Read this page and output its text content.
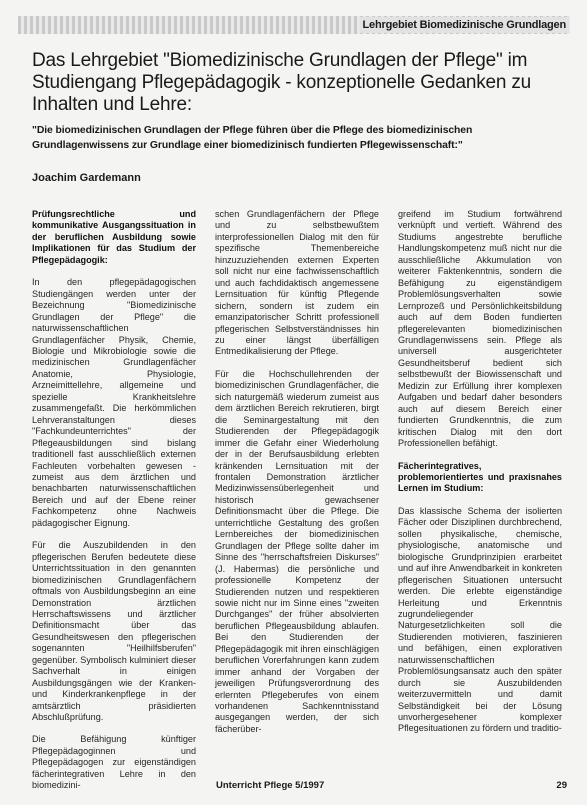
Lehrgebiet Biomedizinische Grundlagen
Das Lehrgebiet "Biomedizinische Grundlagen der Pflege" im Studiengang Pflegepädagogik - konzeptionelle Gedanken zu Inhalten und Lehre:
"Die biomedizinischen Grundlagen der Pflege führen über die Pflege des biomedizinischen Grundlagenwissens zur Grundlage einer biomedizinisch fundierten Pflegewissenschaft:"
Joachim Gardemann

Prüfungsrechtliche und kommunikative Ausgangssituation in der beruflichen Ausbildung sowie Implikationen für das Studium der Pflegepädagogik:

In den pflegepädagogischen Studiengängen werden unter der Bezeichnung "Biomedizinische Grundlagen der Pflege" die naturwissenschaftlichen Grundlagenfächer Physik, Chemie, Biologie und Mikrobiologie sowie die medizinischen Grundlagenfächer Anatomie, Physiologie, Arzneimittellehre, allgemeine und spezielle Krankheitslehre zusammengefaßt. Die herkömmlichen Lehrveranstaltungen dieses "Fachkundeunterrichtes" der Pflegeausbildungen sind bislang traditionell fast ausschließlich externen Fachleuten vorbehalten gewesen - zumeist aus dem ärztlichen und benachbarten naturwissenschaftlichen Bereich und auf der Ebene reiner Fachkompetenz ohne Nachweis pädagogischer Eignung.

Für die Auszubildenden in den pflegerischen Berufen bedeutete diese Unterrichtssituation in den genannten biomedizinischen Grundlagenfächern oftmals von Ausbildungsbeginn an eine Demonstration ärztlichen Herrschaftswissens und ärztlicher Definitionsmacht über das Gesundheitswesen den pflegerischen sogenannten "Heilhilfsberufen" gegenüber. Symbolisch kulminiert dieser Sachverhalt in einigen Ausbildungsgängen wie der Kranken- und Kinderkrankenpflege in der amtsärztlich präsidierten Abschlußprüfung.

Die Befähigung künftiger Pflegepädagoginnen und Pflegepädagogen zur eigenständigen fächerintegrativen Lehre in den biomedizini-

schen Grundlagenfächern der Pflege und zu selbstbewußtem interprofessionellen Dialog mit den für spezifische Themenbereiche hinzuzuziehenden externen Experten soll nicht nur eine fachwissenschaftlich und auch fachdidaktisch angemessene Lernsituation für künftig Pflegende sichern, sondern ist zudem ein emanzipatorischer Schritt professionell pflegerischen Selbstverständnisses hin zu einer längst überfälligen Entmedikalisierung der Pflege.

Für die Hochschullehrenden der biomedizinischen Grundlagenfächer, die sich naturgemäß wiederum zumeist aus dem ärztlichen Bereich rekrutieren, birgt die Seminargestaltung mit den Studierenden der Pflegepädagogik immer die Gefahr einer Wiederholung der in der Berufsausbildung erlebten kränkenden Lernsituation mit der frontalen Demonstration ärztlicher Medizinwissensüberlegenheit und historisch gewachsener Definitionsmacht über die Pflege. Die unterrichtliche Gestaltung des großen Lernbereiches der biomedizinischen Grundlagen der Pflege sollte daher im Sinne des "herrschaftsfreien Diskurses" (J. Habermas) die persönliche und professionelle Kompetenz der Studierenden nutzen und respektieren sowie nicht nur im Sinne eines "zweiten Durchganges" der früher absolvierten beruflichen Pflegeausbildung ablaufen. Bei den Studierenden der Pflegepädagogik mit ihren einschlägigen beruflichen Vorerfahrungen kann zudem immer anhand der Vorgaben der jeweiligen Prüfungsverordnung des erlernten Pflegeberufes von einem vorhandenen Sachkenntnisstand ausgegangen werden, der sich fächerüber-

greifend im Studium fortwährend verknüpft und vertieft. Während des Studiums angestrebte berufliche Handlungskompetenz muß nicht nur die ausschließliche Akkumulation von weiterer Faktenkenntnis, sondern die Befähigung zu eigenständigem Problemlösungsverhalten sowie Lernprozeß und Persönlichkeitsbildung auch auf dem Boden fundierten pflegerelevanten biomedizinischen Grundlagenwissens sein. Pflege als universell ausgerichteter Gesundheitsberuf bedient sich selbstbewußt der Biowissenschaft und Medizin zur Erfüllung ihrer komplexen Aufgaben und bedarf daher besonders auch auf diesem Bereich einer fundierten Grundkenntnis, die zum kritischen Dialog mit den dort Professionellen befähigt.

Fächerintegratives, problemorientiertes und praxisnahes Lernen im Studium:

Das klassische Schema der isolierten Fächer oder Disziplinen durchbrechend, sollen physikalische, chemische, physiologische, anatomische und biologische Grundprinzipien erarbeitet und auf ihre Anwendbarkeit in konkreten pflegerischen Situationen untersucht werden. Die erlebte eigenständige Herleitung und Erkenntnis zugrundeliegender Naturgesetzlichkeiten soll die Studierenden motivieren, faszinieren und befähigen, einen explorativen naturwissenschaftlichen Problemlösungsansatz auch den später durch sie Auszubildenden weiterzuvermitteln und damit Selbständigkeit bei der Lösung unvorhergesehener komplexer Pflegesituationen zu fördern und traditio-

Unterricht Pflege 5/1997	29
